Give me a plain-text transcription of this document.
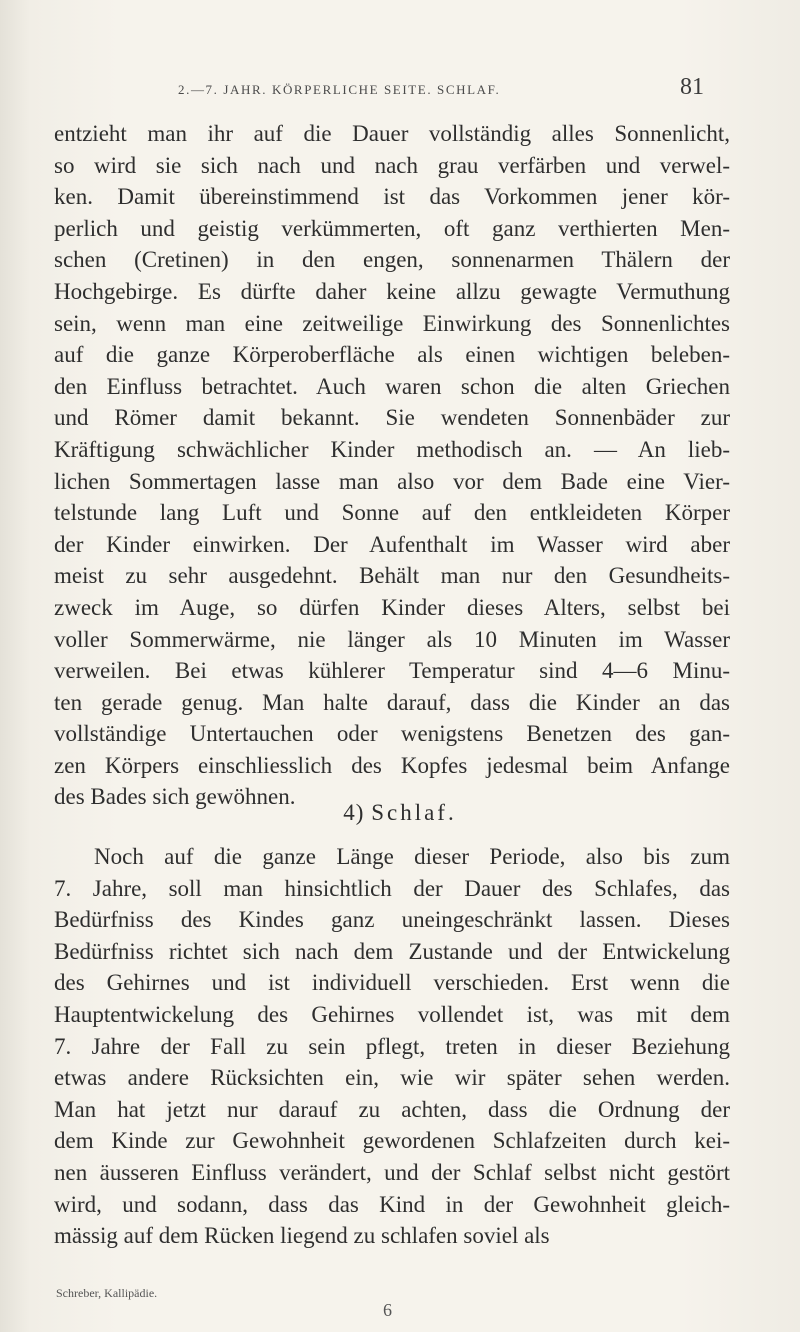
2.—7. JAHR. KÖRPERLICHE SEITE. SCHLAF.	81
entzieht man ihr auf die Dauer vollständig alles Sonnenlicht,
so wird sie sich nach und nach grau verfärben und verwel-
ken. Damit übereinstimmend ist das Vorkommen jener kör-
perlich und geistig verkümmerten, oft ganz verthierten Men-
schen (Cretinen) in den engen, sonnenarmen Thälern der
Hochgebirge. Es dürfte daher keine allzu gewagte Vermuthung
sein, wenn man eine zeitweilige Einwirkung des Sonnenlichtes
auf die ganze Körperoberfläche als einen wichtigen beleben-
den Einfluss betrachtet. Auch waren schon die alten Griechen
und Römer damit bekannt. Sie wendeten Sonnenbäder zur
Kräftigung schwächlicher Kinder methodisch an. — An lieb-
lichen Sommertagen lasse man also vor dem Bade eine Vier-
telstunde lang Luft und Sonne auf den entkleideten Körper
der Kinder einwirken. Der Aufenthalt im Wasser wird aber
meist zu sehr ausgedehnt. Behält man nur den Gesundheits-
zweck im Auge, so dürfen Kinder dieses Alters, selbst bei
voller Sommerwärme, nie länger als 10 Minuten im Wasser
verweilen. Bei etwas kühlerer Temperatur sind 4—6 Minu-
ten gerade genug. Man halte darauf, dass die Kinder an das
vollständige Untertauchen oder wenigstens Benetzen des gan-
zen Körpers einschliesslich des Kopfes jedesmal beim Anfange
des Bades sich gewöhnen.
4) Schlaf.
Noch auf die ganze Länge dieser Periode, also bis zum
7. Jahre, soll man hinsichtlich der Dauer des Schlafes, das
Bedürfniss des Kindes ganz uneingeschränkt lassen. Dieses
Bedürfniss richtet sich nach dem Zustande und der Entwickelung
des Gehirnes und ist individuell verschieden. Erst wenn die
Hauptentwickelung des Gehirnes vollendet ist, was mit dem
7. Jahre der Fall zu sein pflegt, treten in dieser Beziehung
etwas andere Rücksichten ein, wie wir später sehen werden.
Man hat jetzt nur darauf zu achten, dass die Ordnung der
dem Kinde zur Gewohnheit gewordenen Schlafzeiten durch kei-
nen äusseren Einfluss verändert, und der Schlaf selbst nicht gestört
wird, und sodann, dass das Kind in der Gewohnheit gleich-
mässig auf dem Rücken liegend zu schlafen soviel als
Schreber, Kallipädie.
6
